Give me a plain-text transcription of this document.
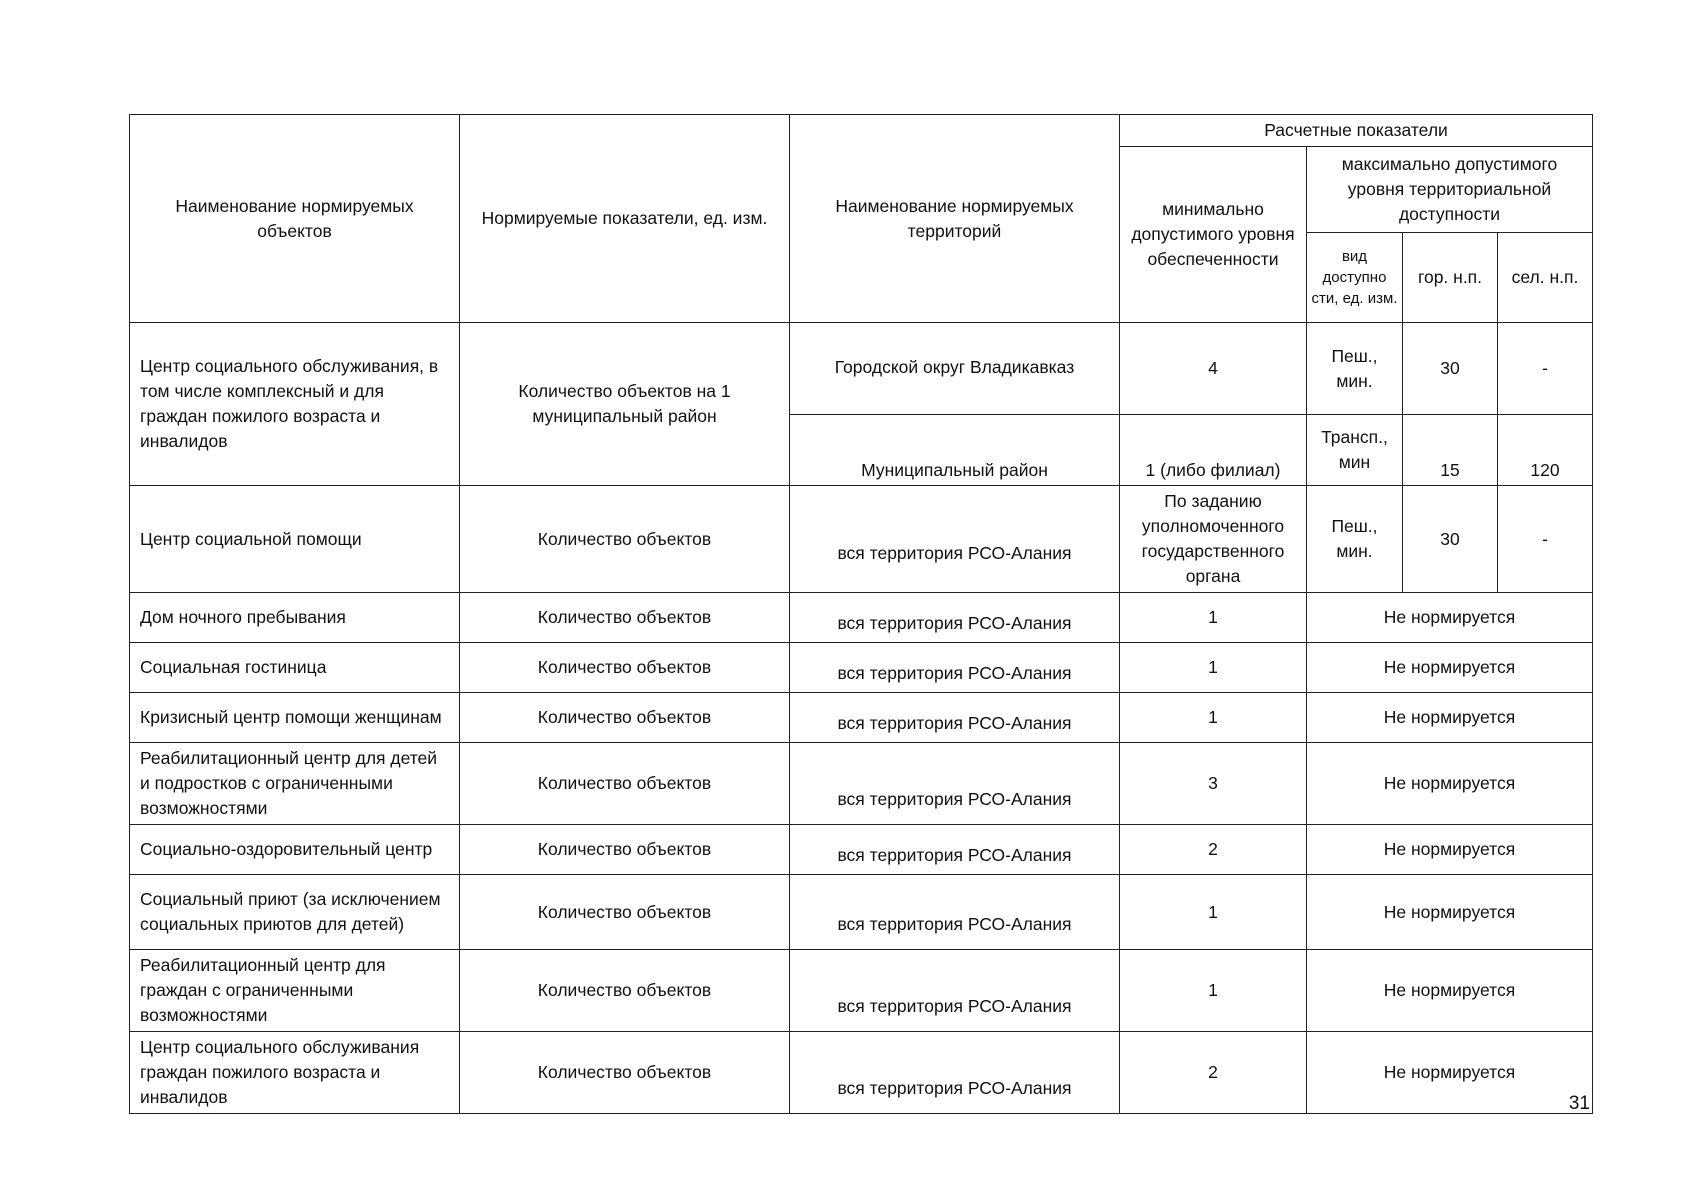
Наименование нормируемых объектов	Нормируемые показатели, ед. изм.	Наименование нормируемых территорий	Расчетные показатели			
			минимально допустимого уровня обеспеченности	максимально допустимого уровня территориальной доступности		
				вид доступно сти, ед. изм.	гор. н.п.	сел. н.п.
Центр социального обслуживания, в том числе комплексный и для граждан пожилого возраста и инвалидов	Количество объектов на 1 муниципальный район	Городской округ Владикавказ	4	Пеш., мин.	30	-
		Муниципальный район	1 (либо филиал)	Трансп., мин	15	120
Центр социальной помощи	Количество объектов	вся территория РСО-Алания	По заданию уполномоченного государственного органа	Пеш., мин.	30	-
Дом ночного пребывания	Количество объектов	вся территория РСО-Алания	1	Не нормируется		
Социальная гостиница	Количество объектов	вся территория РСО-Алания	1	Не нормируется		
Кризисный центр помощи женщинам	Количество объектов	вся территория РСО-Алания	1	Не нормируется		
Реабилитационный центр для детей и подростков с ограниченными возможностями	Количество объектов	вся территория РСО-Алания	3	Не нормируется		
Социально-оздоровительный центр	Количество объектов	вся территория РСО-Алания	2	Не нормируется		
Социальный приют (за исключением социальных приютов для детей)	Количество объектов	вся территория РСО-Алания	1	Не нормируется		
Реабилитационный центр для граждан с ограниченными возможностями	Количество объектов	вся территория РСО-Алания	1	Не нормируется		
Центр социального обслуживания граждан пожилого возраста и инвалидов	Количество объектов	вся территория РСО-Алания	2	Не нормируется		
31
